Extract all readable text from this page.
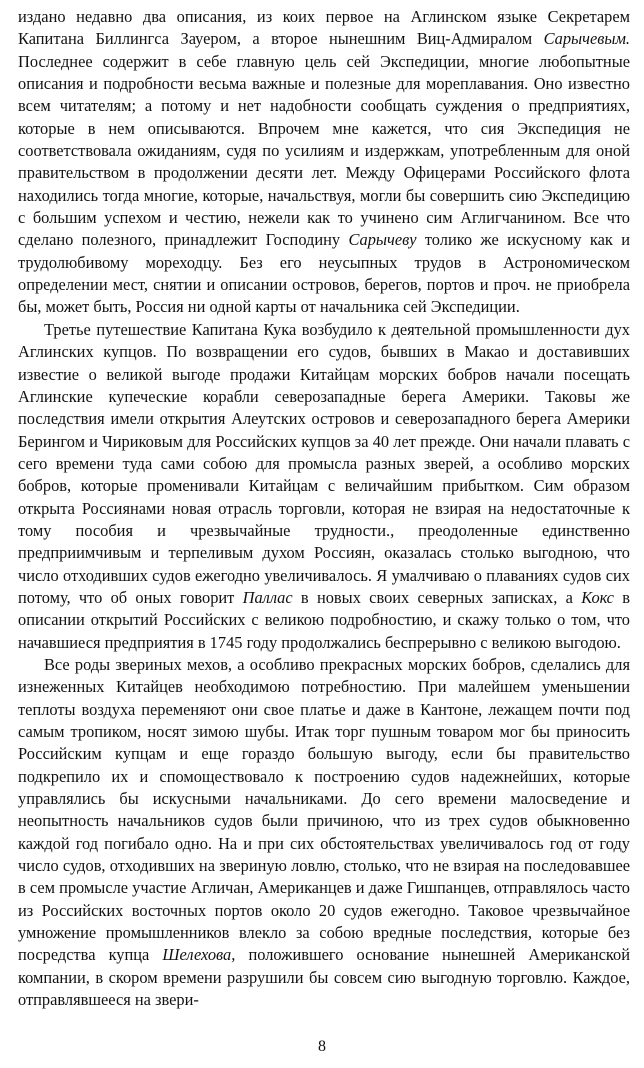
издано недавно два описания, из коих первое на Аглинском языке Секретарем Капитана Биллингса Зауером, а второе нынешним Виц-Адмиралом Сарычевым. Последнее содержит в себе главную цель сей Экспедиции, многие любопытные описания и подробности весьма важные и полезные для мореплавания. Оно известно всем читателям; а потому и нет надобности сообщать суждения о предприятиях, которые в нем описываются. Впрочем мне кажется, что сия Экспедиция не соответствовала ожиданиям, судя по усилиям и издержкам, употребленным для оной правительством в продолжении десяти лет. Между Офицерами Российского флота находились тогда многие, которые, начальствуя, могли бы совершить сию Экспедицию с большим успехом и честию, нежели как то учинено сим Аглигчанином. Все что сделано полезного, принадлежит Господину Сарычеву толико же искусному как и трудолюбивому мореходцу. Без его неусыпных трудов в Астрономическом определении мест, снятии и описании островов, берегов, портов и проч. не приобрела бы, может быть, Россия ни одной карты от начальника сей Экспедиции.

Третье путешествие Капитана Кука возбудило к деятельной промышленности дух Аглинских купцов. По возвращении его судов, бывших в Макао и доставивших известие о великой выгоде продажи Китайцам морских бобров начали посещать Аглинские купеческие корабли северозападные берега Америки. Таковы же последствия имели открытия Алеутских островов и северозападного берега Америки Берингом и Чириковым для Российских купцов за 40 лет прежде. Они начали плавать с сего времени туда сами собою для промысла разных зверей, а особливо морских бобров, которые променивали Китайцам с величайшим прибытком. Сим образом открыта Россиянами новая отрасль торговли, которая не взирая на недостаточные к тому пособия и чрезвычайные трудности., преодоленные единственно предприимчивым и терпеливым духом Россиян, оказалась столько выгодною, что число отходивших судов ежегодно увеличивалось. Я умалчиваю о плаваниях судов сих потому, что об оных говорит Паллас в новых своих северных записках, а Кокс в описании открытий Российских с великою подробностию, и скажу только о том, что начавшиеся предприятия в 1745 году продолжались беспрерывно с великою выгодою.

Все роды звериных мехов, а особливо прекрасных морских бобров, сделались для изнеженных Китайцев необходимою потребностию. При малейшем уменьшении теплоты воздуха переменяют они свое платье и даже в Кантоне, лежащем почти под самым тропиком, носят зимою шубы. Итак торг пушным товаром мог бы приносить Российским купцам и еще гораздо большую выгоду, если бы правительство подкрепило их и спомоществовало к построению судов надежнейших, которые управлялись бы искусными начальниками. До сего времени малосведение и неопытность начальников судов были причиною, что из трех судов обыкновенно каждой год погибало одно. На и при сих обстоятельствах увеличивалось год от году число судов, отходивших на звериную ловлю, столько, что не взирая на последовавшее в сем промысле участие Агличан, Американцев и даже Гишпанцев, отправлялось часто из Российских восточных портов около 20 судов ежегодно. Таковое чрезвычайное умножение промышленников влекло за собою вредные последствия, которые без посредства купца Шелехова, положившего основание нынешней Американской компании, в скором времени разрушили бы совсем сию выгодную торговлю. Каждое, отправлявшееся на звери-

8
